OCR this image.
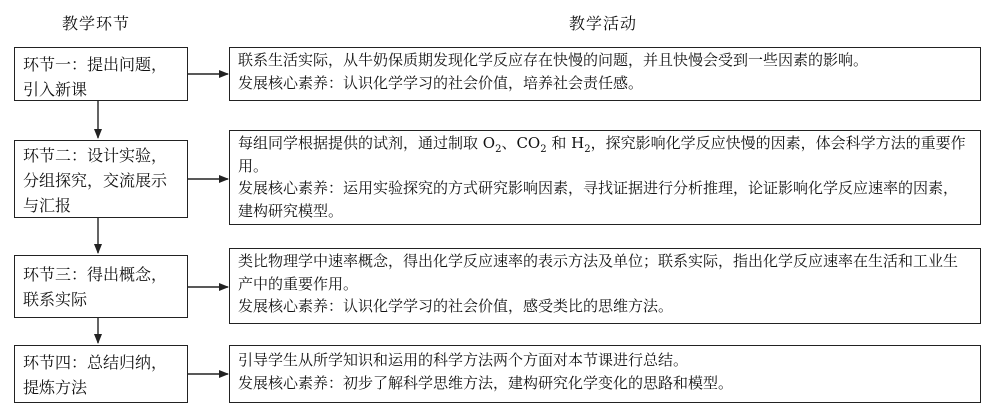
教学环节	教学活动
环节一：提出问题，
引入新课

联系生活实际，从牛奶保质期发现化学反应存在快慢的问题，并且快慢会受到一些因素的影响。

发展核心素养：认识化学学习的社会价值，培养社会责任感。

环节二：设计实验，
分组探究，交流展示
与汇报

每组同学根据提供的试剂，通过制取 $O_2$、$CO_2$ 和 $H_2$，探究影响化学反应快慢的因素，体会科学方法的重要作用。

发展核心素养：运用实验探究的方式研究影响因素，寻找证据进行分析推理，论证影响化学反应速率的因素，建构研究模型。

环节三：得出概念，
联系实际

类比物理学中速率概念，得出化学反应速率的表示方法及单位；联系实际，指出化学反应速率在生活和工业生产中的重要作用。

发展核心素养：认识化学学习的社会价值，感受类比的思维方法。

环节四：总结归纳，
提炼方法

引导学生从所学知识和运用的科学方法两个方面对本节课进行总结。

发展核心素养：初步了解科学思维方法，建构研究化学变化的思路和模型。
